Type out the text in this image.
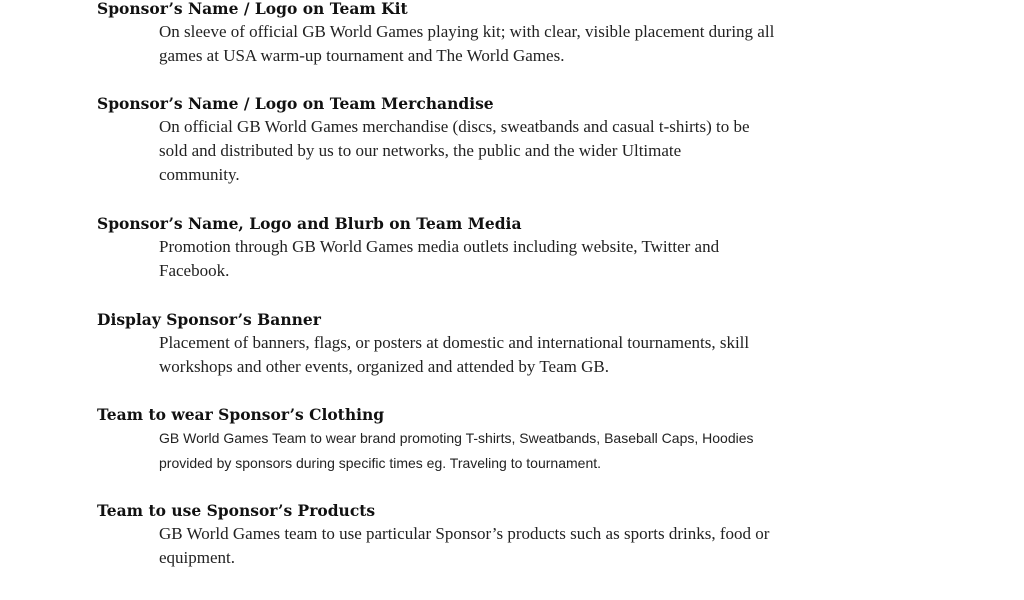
Sponsor’s Name / Logo on Team Kit
On sleeve of official GB World Games playing kit; with clear, visible placement during all
games at USA warm-up tournament and The World Games.
Sponsor’s Name / Logo on Team Merchandise
On official GB World Games merchandise (discs, sweatbands and casual t-shirts) to be
sold and distributed by us to our networks, the public and the wider Ultimate
community.
Sponsor’s Name, Logo and Blurb on Team Media
Promotion through GB World Games media outlets including website, Twitter and
Facebook.
Display Sponsor’s Banner
Placement of banners, flags, or posters at domestic and international tournaments, skill
workshops and other events, organized and attended by Team GB.
Team to wear Sponsor’s Clothing
GB World Games Team to wear brand promoting T-shirts, Sweatbands, Baseball Caps, Hoodies
provided by sponsors during specific times eg. Traveling to tournament.
Team to use Sponsor’s Products
GB World Games team to use particular Sponsor’s products such as sports drinks, food or
equipment.
